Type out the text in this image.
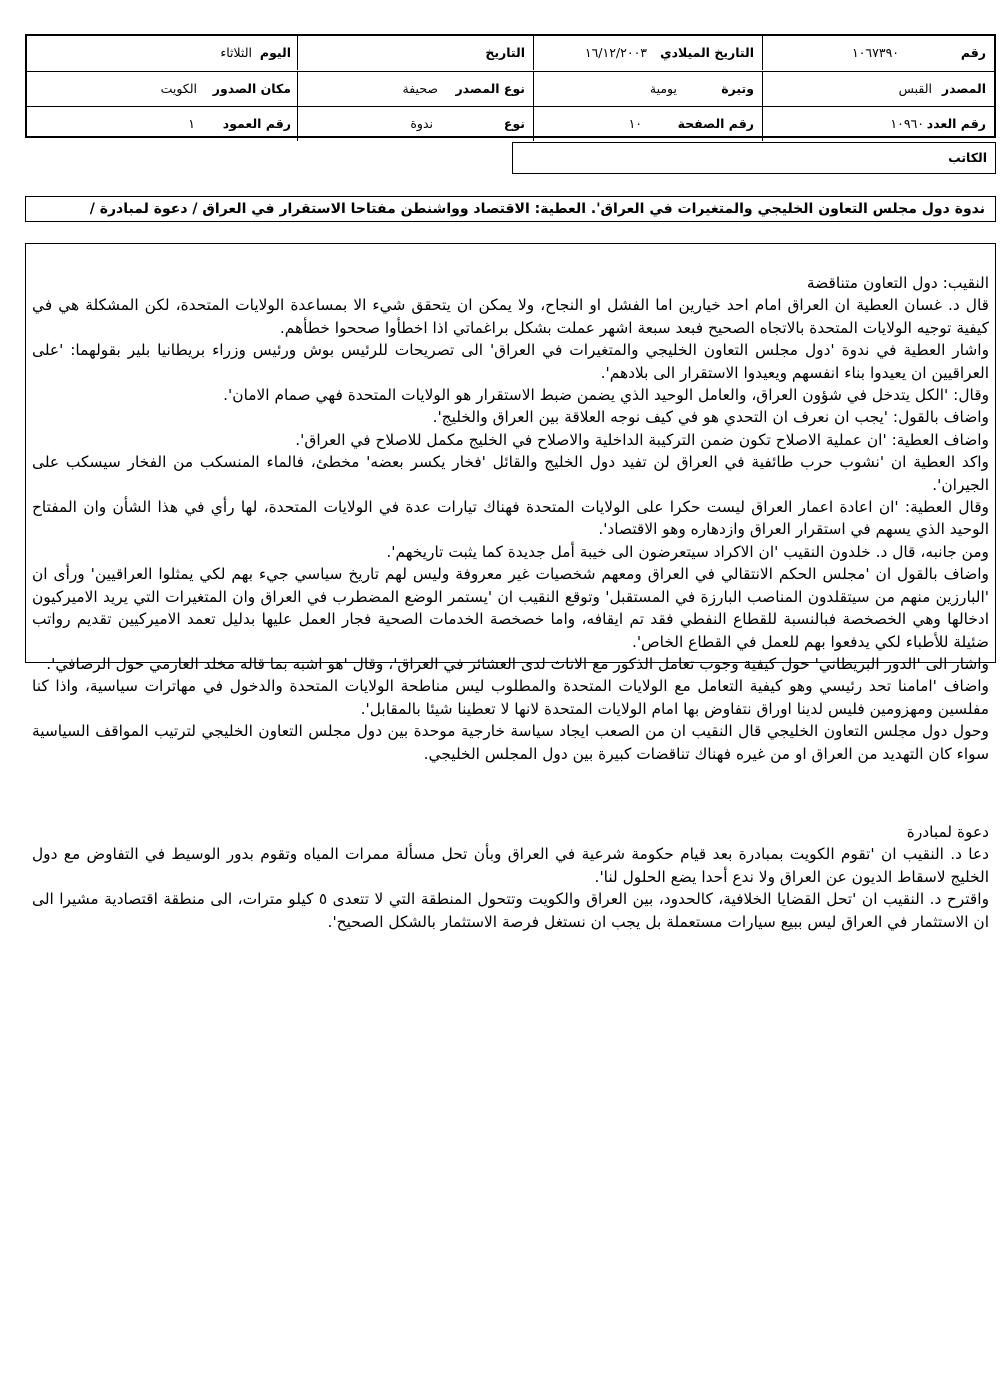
رقم
١٠٦٧٣٩٠
التاريخ الميلادي
١٦/١٢/٢٠٠٣
التاريخ
اليوم
الثلاثاء
المصدر
القبس
وتيرة
يومية
نوع المصدر
صحيفة
مكان الصدور
الكويت
رقم العدد
١٠٩٦٠
رقم الصفحة
١٠
نوع
ندوة
رقم العمود
١
الكاتب
ندوة دول مجلس التعاون الخليجي والمتغيرات في العراق'. العطية: الاقتصاد وواشنطن مفتاحا الاستقرار في العراق / دعوة لمبادرة /

النقيب: دول التعاون متناقضة

قال د. غسان العطية ان العراق امام احد خيارين اما الفشل او النجاح، ولا يمكن ان يتحقق شيء الا بمساعدة الولايات المتحدة، لكن المشكلة هي في كيفية توجيه الولايات المتحدة بالاتجاه الصحيح فبعد سبعة اشهر عملت بشكل براغماتي اذا اخطأوا صححوا خطأهم.

واشار العطية في ندوة 'دول مجلس التعاون الخليجي والمتغيرات في العراق' الى تصريحات للرئيس بوش ورئيس وزراء بريطانيا بلير بقولهما: 'على العراقيين ان يعيدوا بناء انفسهم ويعيدوا الاستقرار الى بلادهم'.

وقال: 'الكل يتدخل في شؤون العراق، والعامل الوحيد الذي يضمن ضبط الاستقرار هو الولايات المتحدة فهي صمام الامان'.

واضاف بالقول: 'يجب ان نعرف ان التحدي هو في كيف نوجه العلاقة بين العراق والخليج'.

واضاف العطية: 'ان عملية الاصلاح تكون ضمن التركيبة الداخلية والاصلاح في الخليج مكمل للاصلاح في العراق'.

واكد العطية ان 'نشوب حرب طائفية في العراق لن تفيد دول الخليج والقائل 'فخار يكسر بعضه' مخطئ، فالماء المنسكب من الفخار سيسكب على الجيران'.

وقال العطية: 'ان اعادة اعمار العراق ليست حكرا على الولايات المتحدة فهناك تيارات عدة في الولايات المتحدة، لها رأي في هذا الشأن وان المفتاح الوحيد الذي يسهم في استقرار العراق وازدهاره وهو الاقتصاد'.

ومن جانبه، قال د. خلدون النقيب 'ان الاكراد سيتعرضون الى خيبة أمل جديدة كما يثبت تاريخهم'.

واضاف بالقول ان 'مجلس الحكم الانتقالي في العراق ومعهم شخصيات غير معروفة وليس لهم تاريخ سياسي جيء بهم لكي يمثلوا العراقيين' ورأى ان 'البارزين منهم من سيتقلدون المناصب البارزة في المستقبل' وتوقع النقيب ان 'يستمر الوضع المضطرب في العراق وان المتغيرات التي يريد الاميركيون ادخالها وهي الخصخصة فبالنسبة للقطاع النفطي فقد تم ايقافه، واما خصخصة الخدمات الصحية فجار العمل عليها بدليل تعمد الاميركيين تقديم رواتب ضئيلة للأطباء لكي يدفعوا بهم للعمل في القطاع الخاص'.

واشار الى 'الدور البريطاني' حول كيفية وجوب تعامل الذكور مع الاناث لدى العشائر في العراق'، وقال 'هو اشبه بما قاله مخلد العازمي حول الرصافي'.

واضاف 'امامنا تحد رئيسي وهو كيفية التعامل مع الولايات المتحدة والمطلوب ليس مناطحة الولايات المتحدة والدخول في مهاترات سياسية، واذا كنا مفلسين ومهزومين فليس لدينا اوراق نتفاوض بها امام الولايات المتحدة لانها لا تعطينا شيئا بالمقابل'.

وحول دول مجلس التعاون الخليجي قال النقيب ان من الصعب ايجاد سياسة خارجية موحدة بين دول مجلس التعاون الخليجي لترتيب المواقف السياسية سواء كان التهديد من العراق او من غيره فهناك تناقضات كبيرة بين دول المجلس الخليجي.

دعوة لمبادرة

دعا د. النقيب ان 'تقوم الكويت بمبادرة بعد قيام حكومة شرعية في العراق وبأن تحل مسألة ممرات المياه وتقوم بدور الوسيط في التفاوض مع دول الخليج لاسقاط الديون عن العراق ولا ندع أحدا يضع الحلول لنا'.

واقترح د. النقيب ان 'تحل القضايا الخلافية، كالحدود، بين العراق والكويت وتتحول المنطقة التي لا تتعدى ٥ كيلو مترات، الى منطقة اقتصادية مشيرا الى ان الاستثمار في العراق ليس ببيع سيارات مستعملة بل يجب ان نستغل فرصة الاستثمار بالشكل الصحيح'.
